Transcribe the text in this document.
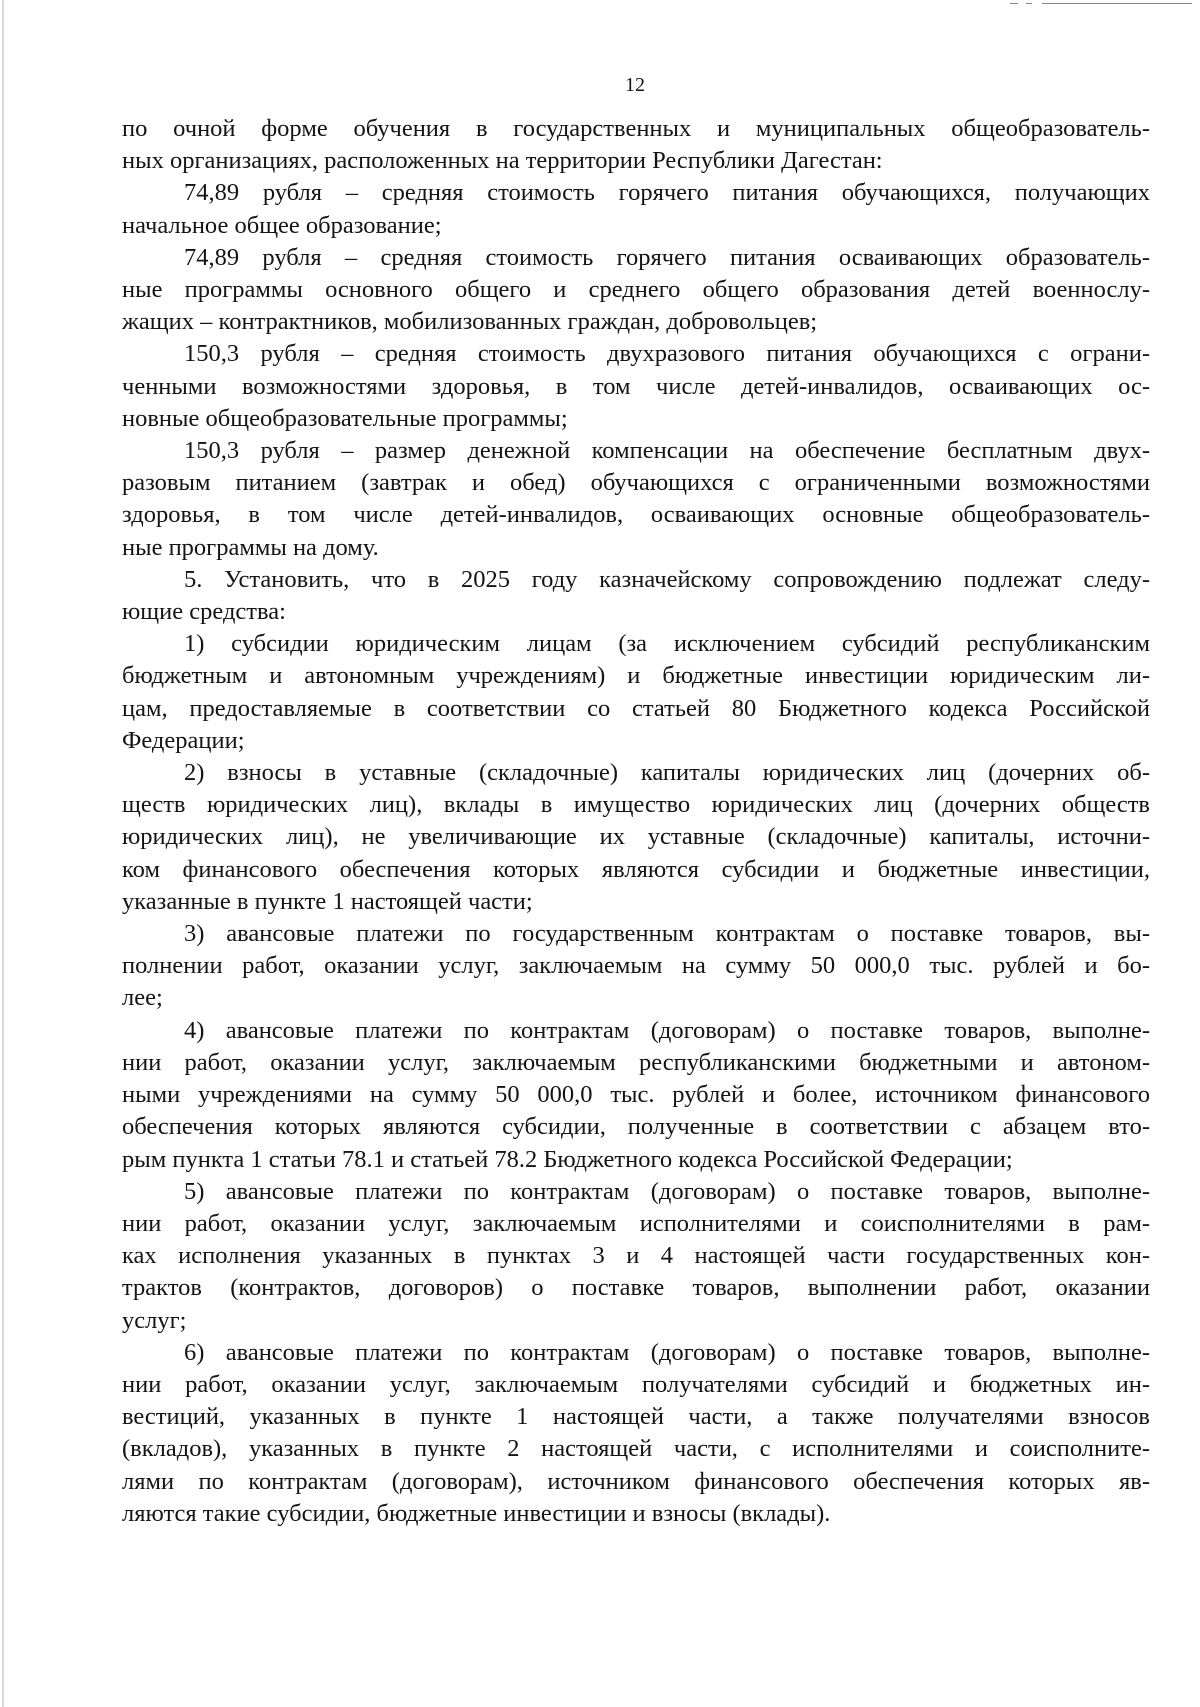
12
по очной форме обучения в государственных и муниципальных общеобразователь-
ных организациях, расположенных на территории Республики Дагестан:
74,89 рубля – средняя стоимость горячего питания обучающихся, получающих
начальное общее образование;
74,89 рубля – средняя стоимость горячего питания осваивающих образователь-
ные программы основного общего и среднего общего образования детей военнослу-
жащих – контрактников, мобилизованных граждан, добровольцев;
150,3 рубля – средняя стоимость двухразового питания обучающихся с ограни-
ченными возможностями здоровья, в том числе детей-инвалидов, осваивающих ос-
новные общеобразовательные программы;
150,3 рубля – размер денежной компенсации на обеспечение бесплатным двух-
разовым питанием (завтрак и обед) обучающихся с ограниченными возможностями
здоровья, в том числе детей-инвалидов, осваивающих основные общеобразователь-
ные программы на дому.
5. Установить, что в 2025 году казначейскому сопровождению подлежат следу-
ющие средства:
1) субсидии юридическим лицам (за исключением субсидий республиканским
бюджетным и автономным учреждениям) и бюджетные инвестиции юридическим ли-
цам, предоставляемые в соответствии со статьей 80 Бюджетного кодекса Российской
Федерации;
2) взносы в уставные (складочные) капиталы юридических лиц (дочерних об-
ществ юридических лиц), вклады в имущество юридических лиц (дочерних обществ
юридических лиц), не увеличивающие их уставные (складочные) капиталы, источни-
ком финансового обеспечения которых являются субсидии и бюджетные инвестиции,
указанные в пункте 1 настоящей части;
3) авансовые платежи по государственным контрактам о поставке товаров, вы-
полнении работ, оказании услуг, заключаемым на сумму 50 000,0 тыс. рублей и бо-
лее;
4) авансовые платежи по контрактам (договорам) о поставке товаров, выполне-
нии работ, оказании услуг, заключаемым республиканскими бюджетными и автоном-
ными учреждениями на сумму 50 000,0 тыс. рублей и более, источником финансового
обеспечения которых являются субсидии, полученные в соответствии с абзацем вто-
рым пункта 1 статьи 78.1 и статьей 78.2 Бюджетного кодекса Российской Федерации;
5) авансовые платежи по контрактам (договорам) о поставке товаров, выполне-
нии работ, оказании услуг, заключаемым исполнителями и соисполнителями в рам-
ках исполнения указанных в пунктах 3 и 4 настоящей части государственных кон-
трактов (контрактов, договоров) о поставке товаров, выполнении работ, оказании
услуг;
6) авансовые платежи по контрактам (договорам) о поставке товаров, выполне-
нии работ, оказании услуг, заключаемым получателями субсидий и бюджетных ин-
вестиций, указанных в пункте 1 настоящей части, а также получателями взносов
(вкладов), указанных в пункте 2 настоящей части, с исполнителями и соисполните-
лями по контрактам (договорам), источником финансового обеспечения которых яв-
ляются такие субсидии, бюджетные инвестиции и взносы (вклады).
